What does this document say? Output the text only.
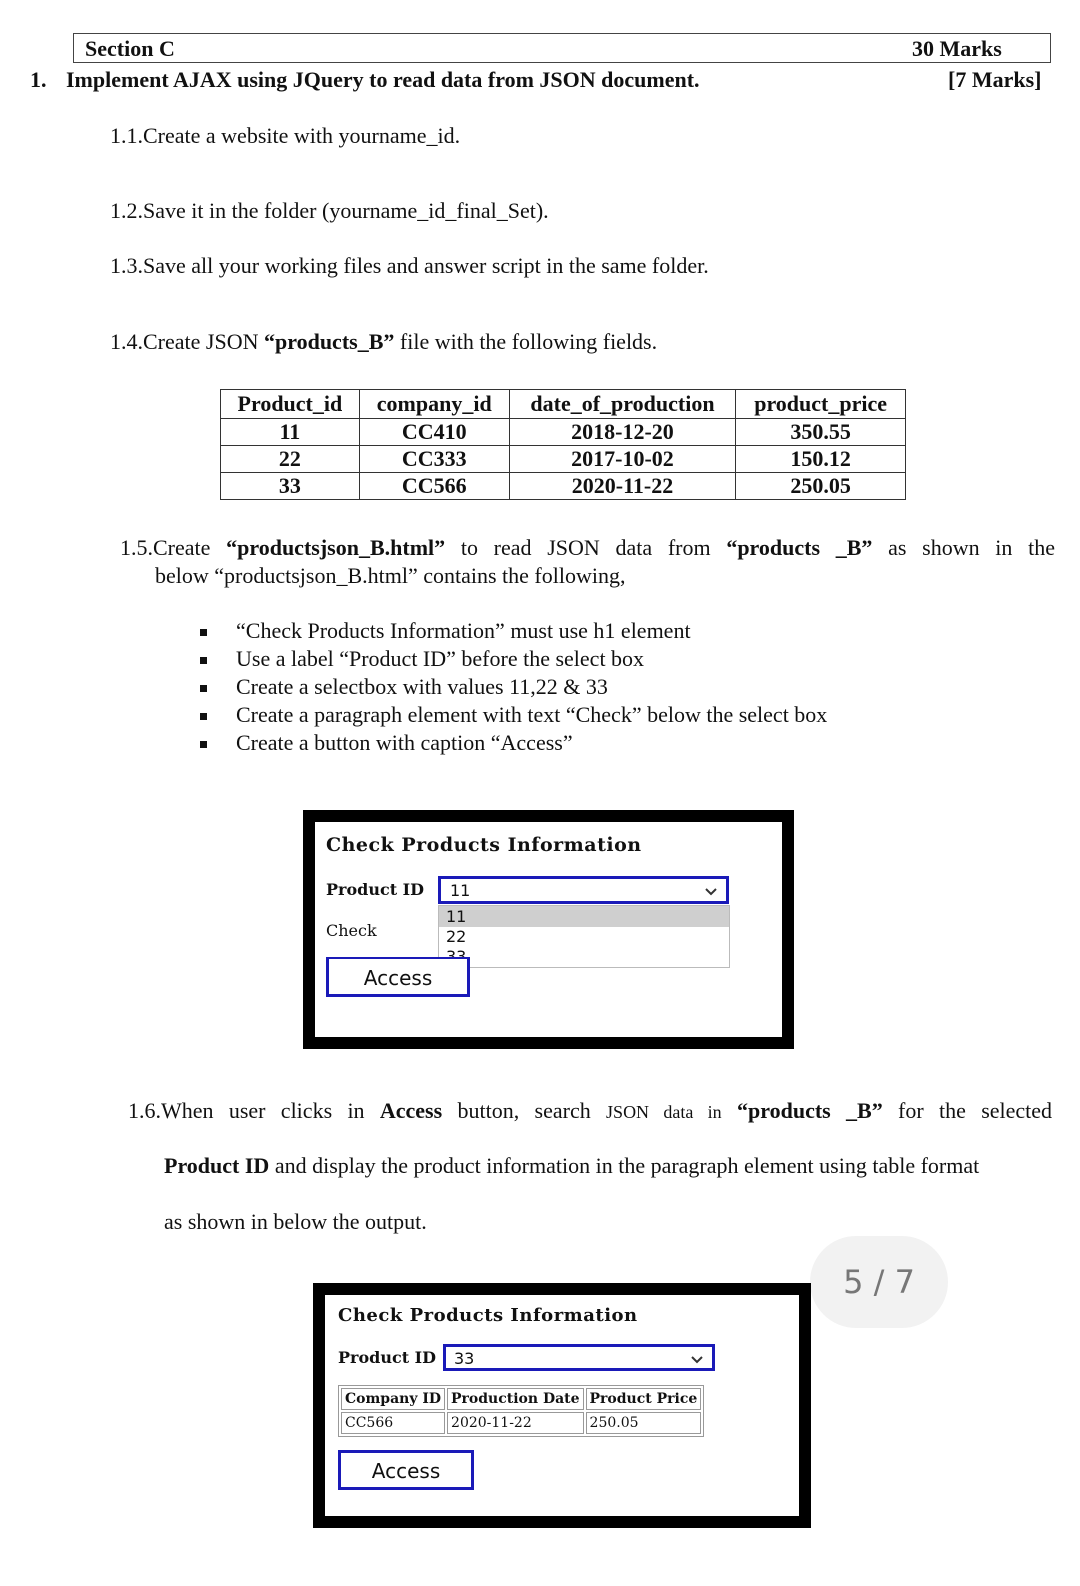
Section C	30 Marks
1. Implement AJAX using JQuery to read data from JSON document.	[7 Marks]
1.1.Create a website with yourname_id.
1.2.Save it in the folder (yourname_id_final_Set).
1.3.Save all your working files and answer script in the same folder.
1.4.Create JSON “products_B” file with the following fields.
Product_id	company_id	date_of_production	product_price
11	CC410	2018-12-20	350.55
22	CC333	2017-10-02	150.12
33	CC566	2020-11-22	250.05
1.5.Create “productsjson_B.html” to read JSON data from “products _B” as shown in the
below “productsjson_B.html” contains the following,
“Check Products Information” must use h1 element
Use a label “Product ID” before the select box
Create a selectbox with values 11,22 & 33
Create a paragraph element with text “Check” below the select box
Create a button with caption “Access”
Check Products Information
Product ID 11
11
22
Check
Access
1.6.When user clicks in Access button, search JSON data in “products _B” for the selected
Product ID and display the product information in the paragraph element using table format
as shown in below the output.
5 / 7
Check Products Information
Product ID 33
Company ID	Production Date	Product Price
CC566	2020-11-22	250.05
Access
